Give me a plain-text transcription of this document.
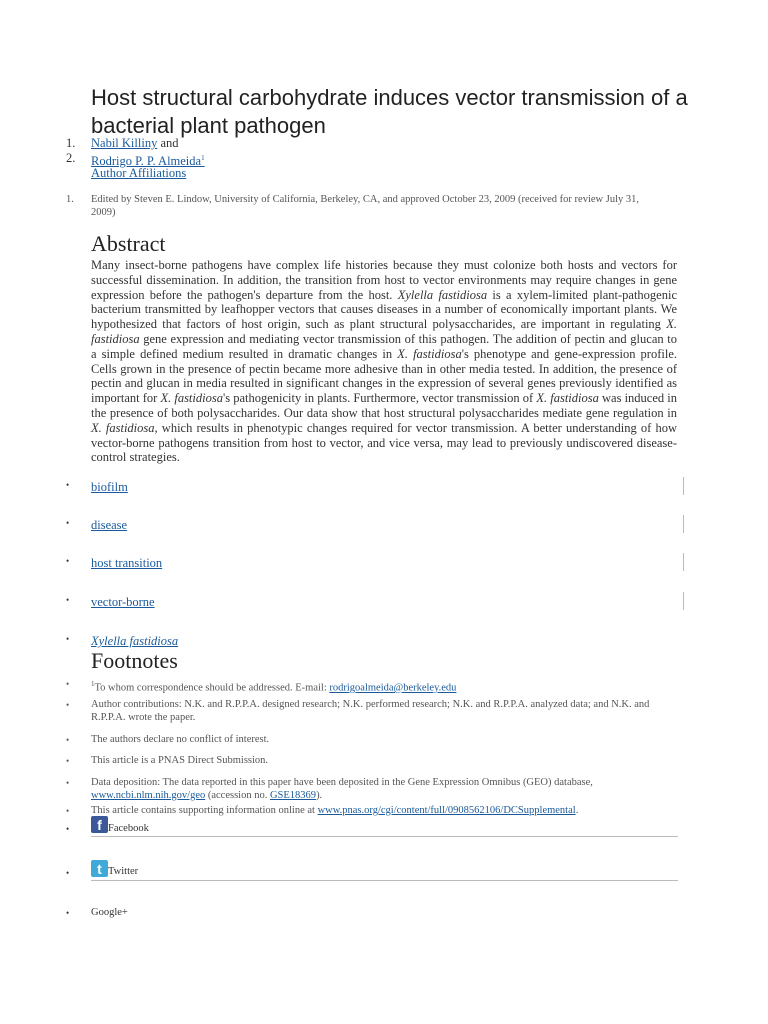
Host structural carbohydrate induces vector transmission of a bacterial plant pathogen
1.	Nabil Killiny and
2.	Rodrigo P. P. Almeida$^1$
Author Affiliations
1.	Edited by Steven E. Lindow, University of California, Berkeley, CA, and approved October 23, 2009 (received for review July 31, 2009)
Abstract

Many insect-borne pathogens have complex life histories because they must colonize both hosts and vectors for successful dissemination. In addition, the transition from host to vector environments may require changes in gene expression before the pathogen's departure from the host. Xylella fastidiosa is a xylem-limited plant-pathogenic bacterium transmitted by leafhopper vectors that causes diseases in a number of economically important plants. We hypothesized that factors of host origin, such as plant structural polysaccharides, are important in regulating X. fastidiosa gene expression and mediating vector transmission of this pathogen. The addition of pectin and glucan to a simple defined medium resulted in dramatic changes in X. fastidiosa's phenotype and gene-expression profile. Cells grown in the presence of pectin became more adhesive than in other media tested. In addition, the presence of pectin and glucan in media resulted in significant changes in the expression of several genes previously identified as important for X. fastidiosa's pathogenicity in plants. Furthermore, vector transmission of X. fastidiosa was induced in the presence of both polysaccharides. Our data show that host structural polysaccharides mediate gene regulation in X. fastidiosa, which results in phenotypic changes required for vector transmission. A better understanding of how vector-borne pathogens transition from host to vector, and vice versa, may lead to previously undiscovered disease-control strategies.

• biofilm
• disease
• host transition
• vector-borne
• Xylella fastidiosa
Footnotes
•	$^1$To whom correspondence should be addressed. E-mail: rodrigoalmeida@berkeley.edu
• Author contributions: N.K. and R.P.P.A. designed research; N.K. performed research; N.K. and R.P.P.A. analyzed data; and N.K. and R.P.P.A. wrote the paper.
• The authors declare no conflict of interest.
• This article is a PNAS Direct Submission.
• Data deposition: The data reported in this paper have been deposited in the Gene Expression Omnibus (GEO) database, www.ncbi.nlm.nih.gov/geo (accession no. GSE18369).
• This article contains supporting information online at www.pnas.org/cgi/content/full/0908562106/DCSupplemental.
•	f Facebook
•	t Twitter
• Google+
